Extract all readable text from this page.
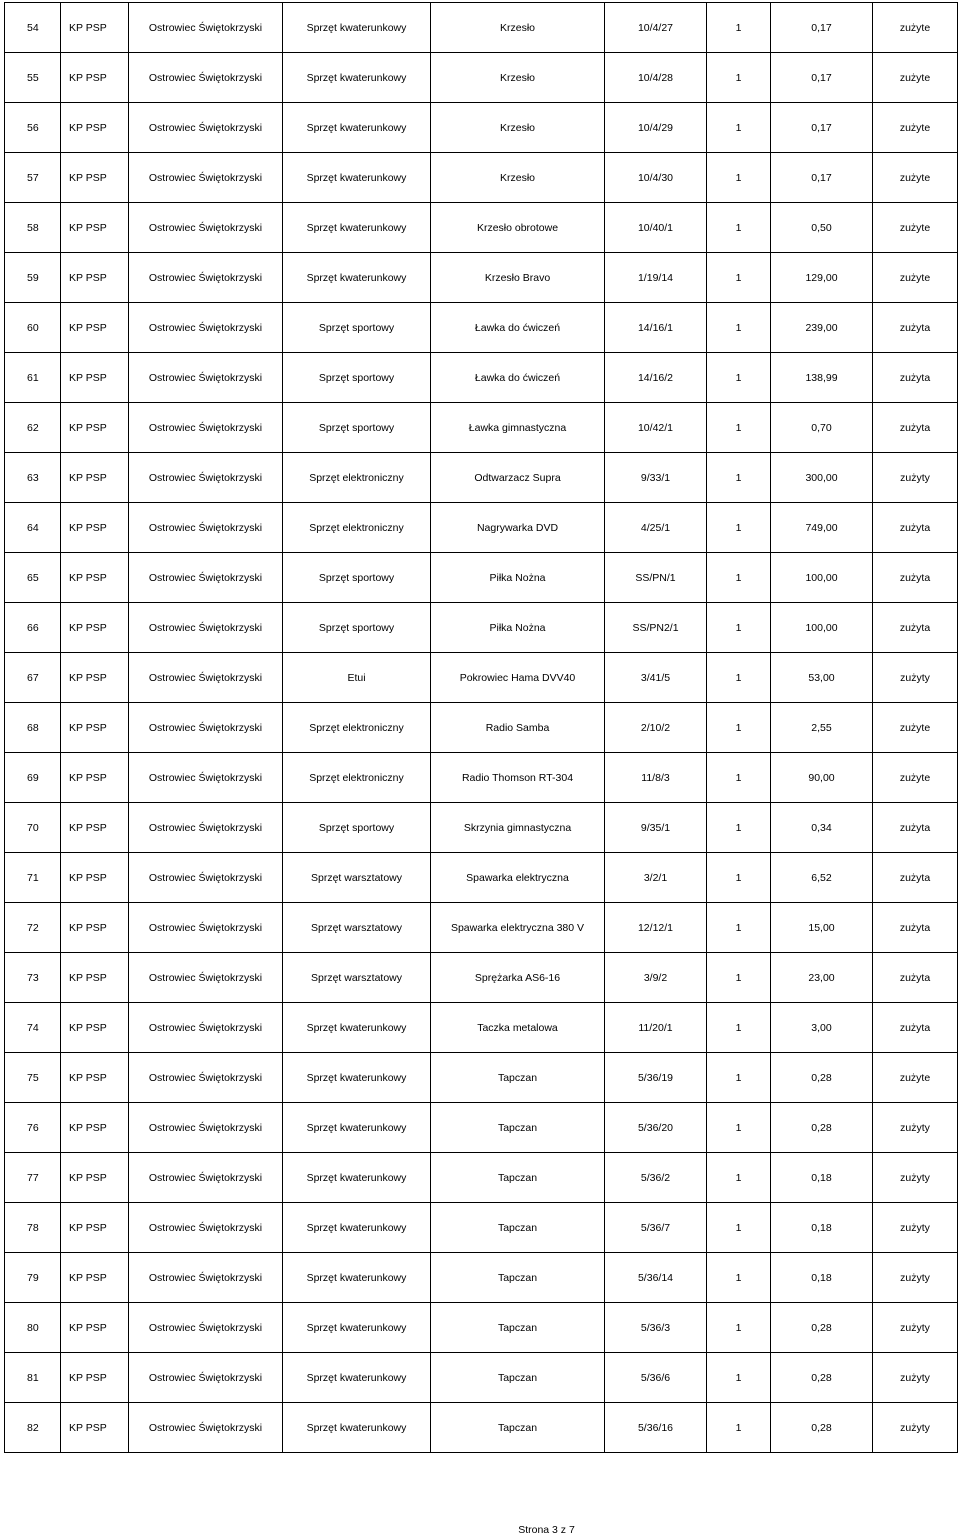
54	KP PSP	Ostrowiec Świętokrzyski	Sprzęt kwaterunkowy	Krzesło	10/4/27	1	0,17	zużyte
55	KP PSP	Ostrowiec Świętokrzyski	Sprzęt kwaterunkowy	Krzesło	10/4/28	1	0,17	zużyte
56	KP PSP	Ostrowiec Świętokrzyski	Sprzęt kwaterunkowy	Krzesło	10/4/29	1	0,17	zużyte
57	KP PSP	Ostrowiec Świętokrzyski	Sprzęt kwaterunkowy	Krzesło	10/4/30	1	0,17	zużyte
58	KP PSP	Ostrowiec Świętokrzyski	Sprzęt kwaterunkowy	Krzesło obrotowe	10/40/1	1	0,50	zużyte
59	KP PSP	Ostrowiec Świętokrzyski	Sprzęt kwaterunkowy	Krzesło Bravo	1/19/14	1	129,00	zużyte
60	KP PSP	Ostrowiec Świętokrzyski	Sprzęt sportowy	Ławka do ćwiczeń	14/16/1	1	239,00	zużyta
61	KP PSP	Ostrowiec Świętokrzyski	Sprzęt sportowy	Ławka do ćwiczeń	14/16/2	1	138,99	zużyta
62	KP PSP	Ostrowiec Świętokrzyski	Sprzęt sportowy	Ławka gimnastyczna	10/42/1	1	0,70	zużyta
63	KP PSP	Ostrowiec Świętokrzyski	Sprzęt elektroniczny	Odtwarzacz Supra	9/33/1	1	300,00	zużyty
64	KP PSP	Ostrowiec Świętokrzyski	Sprzęt elektroniczny	Nagrywarka DVD	4/25/1	1	749,00	zużyta
65	KP PSP	Ostrowiec Świętokrzyski	Sprzęt sportowy	Piłka Nożna	SS/PN/1	1	100,00	zużyta
66	KP PSP	Ostrowiec Świętokrzyski	Sprzęt sportowy	Piłka Nożna	SS/PN2/1	1	100,00	zużyta
67	KP PSP	Ostrowiec Świętokrzyski	Etui	Pokrowiec Hama DVV40	3/41/5	1	53,00	zużyty
68	KP PSP	Ostrowiec Świętokrzyski	Sprzęt elektroniczny	Radio Samba	2/10/2	1	2,55	zużyte
69	KP PSP	Ostrowiec Świętokrzyski	Sprzęt elektroniczny	Radio Thomson RT-304	11/8/3	1	90,00	zużyte
70	KP PSP	Ostrowiec Świętokrzyski	Sprzęt sportowy	Skrzynia gimnastyczna	9/35/1	1	0,34	zużyta
71	KP PSP	Ostrowiec Świętokrzyski	Sprzęt warsztatowy	Spawarka elektryczna	3/2/1	1	6,52	zużyta
72	KP PSP	Ostrowiec Świętokrzyski	Sprzęt warsztatowy	Spawarka elektryczna 380 V	12/12/1	1	15,00	zużyta
73	KP PSP	Ostrowiec Świętokrzyski	Sprzęt warsztatowy	Sprężarka AS6-16	3/9/2	1	23,00	zużyta
74	KP PSP	Ostrowiec Świętokrzyski	Sprzęt kwaterunkowy	Taczka metalowa	11/20/1	1	3,00	zużyta
75	KP PSP	Ostrowiec Świętokrzyski	Sprzęt kwaterunkowy	Tapczan	5/36/19	1	0,28	zużyte
76	KP PSP	Ostrowiec Świętokrzyski	Sprzęt kwaterunkowy	Tapczan	5/36/20	1	0,28	zużyty
77	KP PSP	Ostrowiec Świętokrzyski	Sprzęt kwaterunkowy	Tapczan	5/36/2	1	0,18	zużyty
78	KP PSP	Ostrowiec Świętokrzyski	Sprzęt kwaterunkowy	Tapczan	5/36/7	1	0,18	zużyty
79	KP PSP	Ostrowiec Świętokrzyski	Sprzęt kwaterunkowy	Tapczan	5/36/14	1	0,18	zużyty
80	KP PSP	Ostrowiec Świętokrzyski	Sprzęt kwaterunkowy	Tapczan	5/36/3	1	0,28	zużyty
81	KP PSP	Ostrowiec Świętokrzyski	Sprzęt kwaterunkowy	Tapczan	5/36/6	1	0,28	zużyty
82	KP PSP	Ostrowiec Świętokrzyski	Sprzęt kwaterunkowy	Tapczan	5/36/16	1	0,28	zużyty
Strona 3 z 7
